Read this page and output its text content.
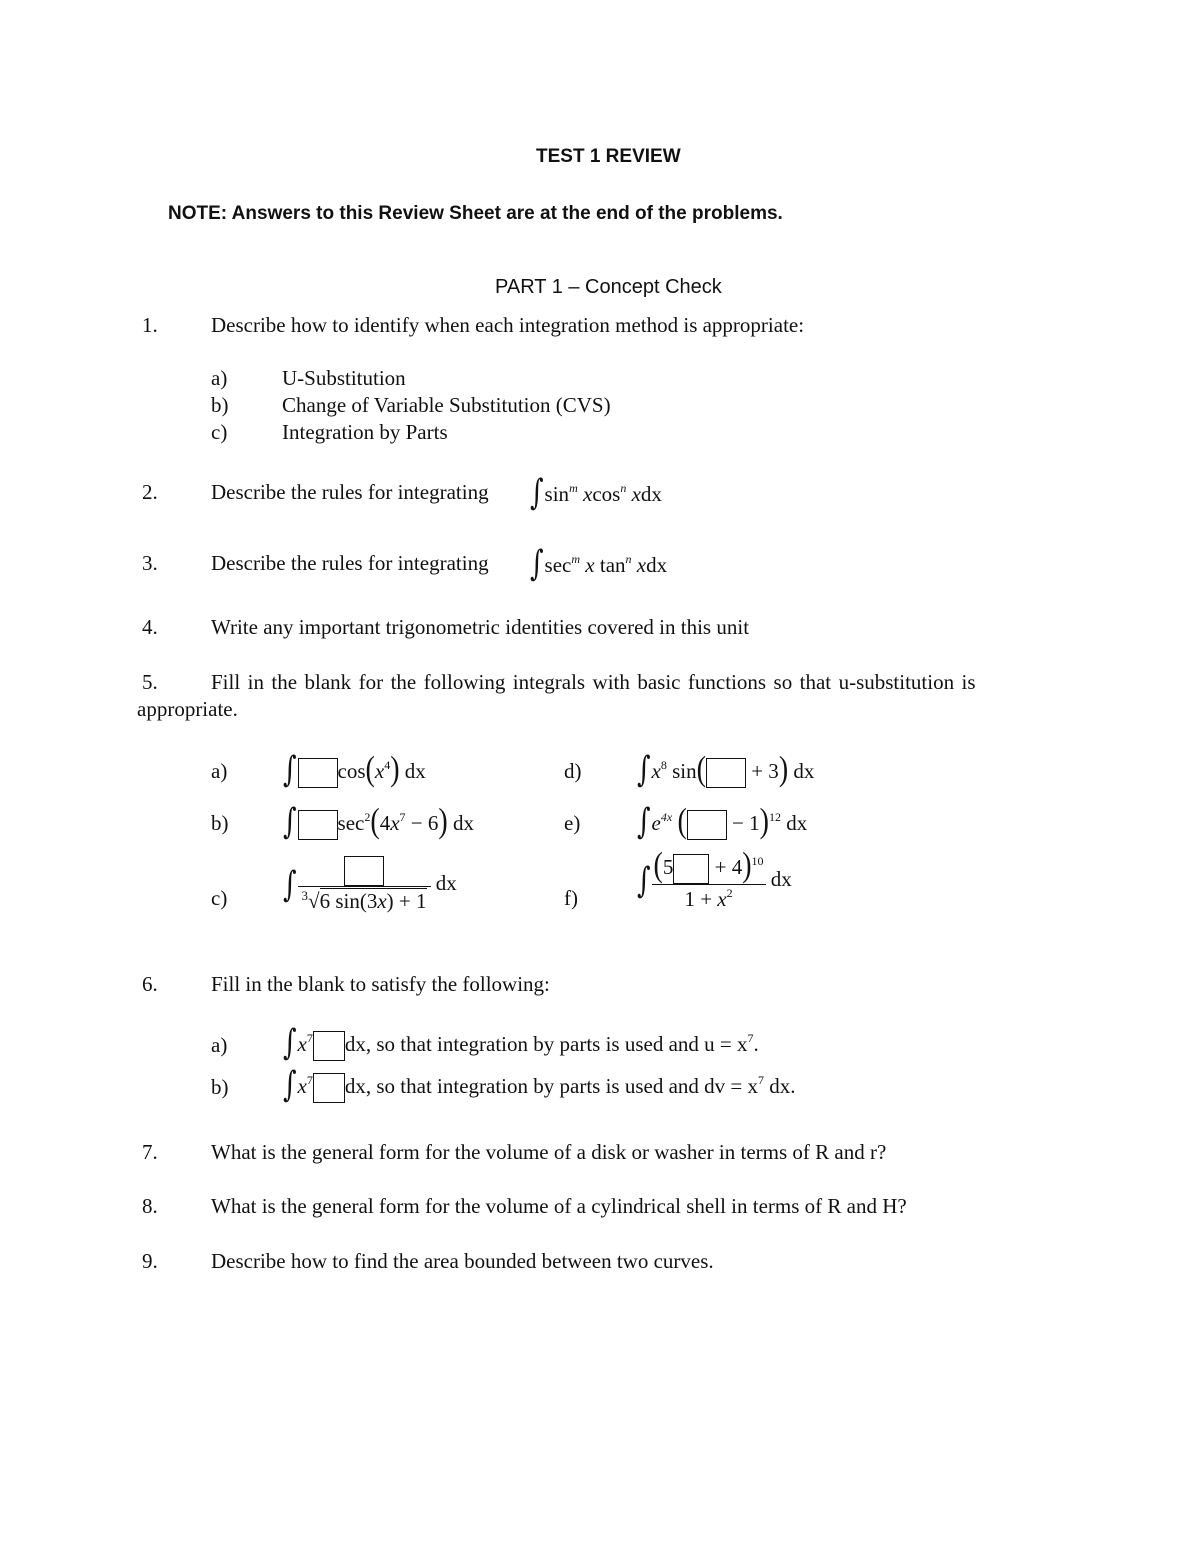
TEST 1 REVIEW
NOTE: Answers to this Review Sheet are at the end of the problems.
PART 1 – Concept Check
1.	Describe how to identify when each integration method is appropriate:
a)	U-Substitution
b)	Change of Variable Substitution (CVS)
c)	Integration by Parts
2.	Describe the rules for integrating $\int\sin^m$ xcos$^n$ xdx
3.	Describe the rules for integrating $\int\sec^m$ x $\tan^n$ xdx
4.	Write any important trigonometric identities covered in this unit
5.	Fill in the blank for the following integrals with basic functions so that u-substitution is
appropriate.
a) ∫ $\cos(x^4)$ dx
b) ∫ $\sec^2(4x^7 - 6)$ dx
c) ∫ $^3$√6 sin(3x) + 1
dx
d) $\int x^8$ sin( + 3) dx
e) $\int e^{4x}$ ( − 1)$^{12}$ dx
f) ∫ $\frac{(5 + 4)^{10}}{1 + x^2}$ dx
6.	Fill in the blank to satisfy the following:
a) $\int x^7$ dx, so that integration by parts is used and $u = x^7$.
b) $\int x^7$ dx, so that integration by parts is used and dv = $x^7$ dx.
7.	What is the general form for the volume of a disk or washer in terms of R and r?
8.	What is the general form for the volume of a cylindrical shell in terms of R and H?
9.	Describe how to find the area bounded between two curves.
